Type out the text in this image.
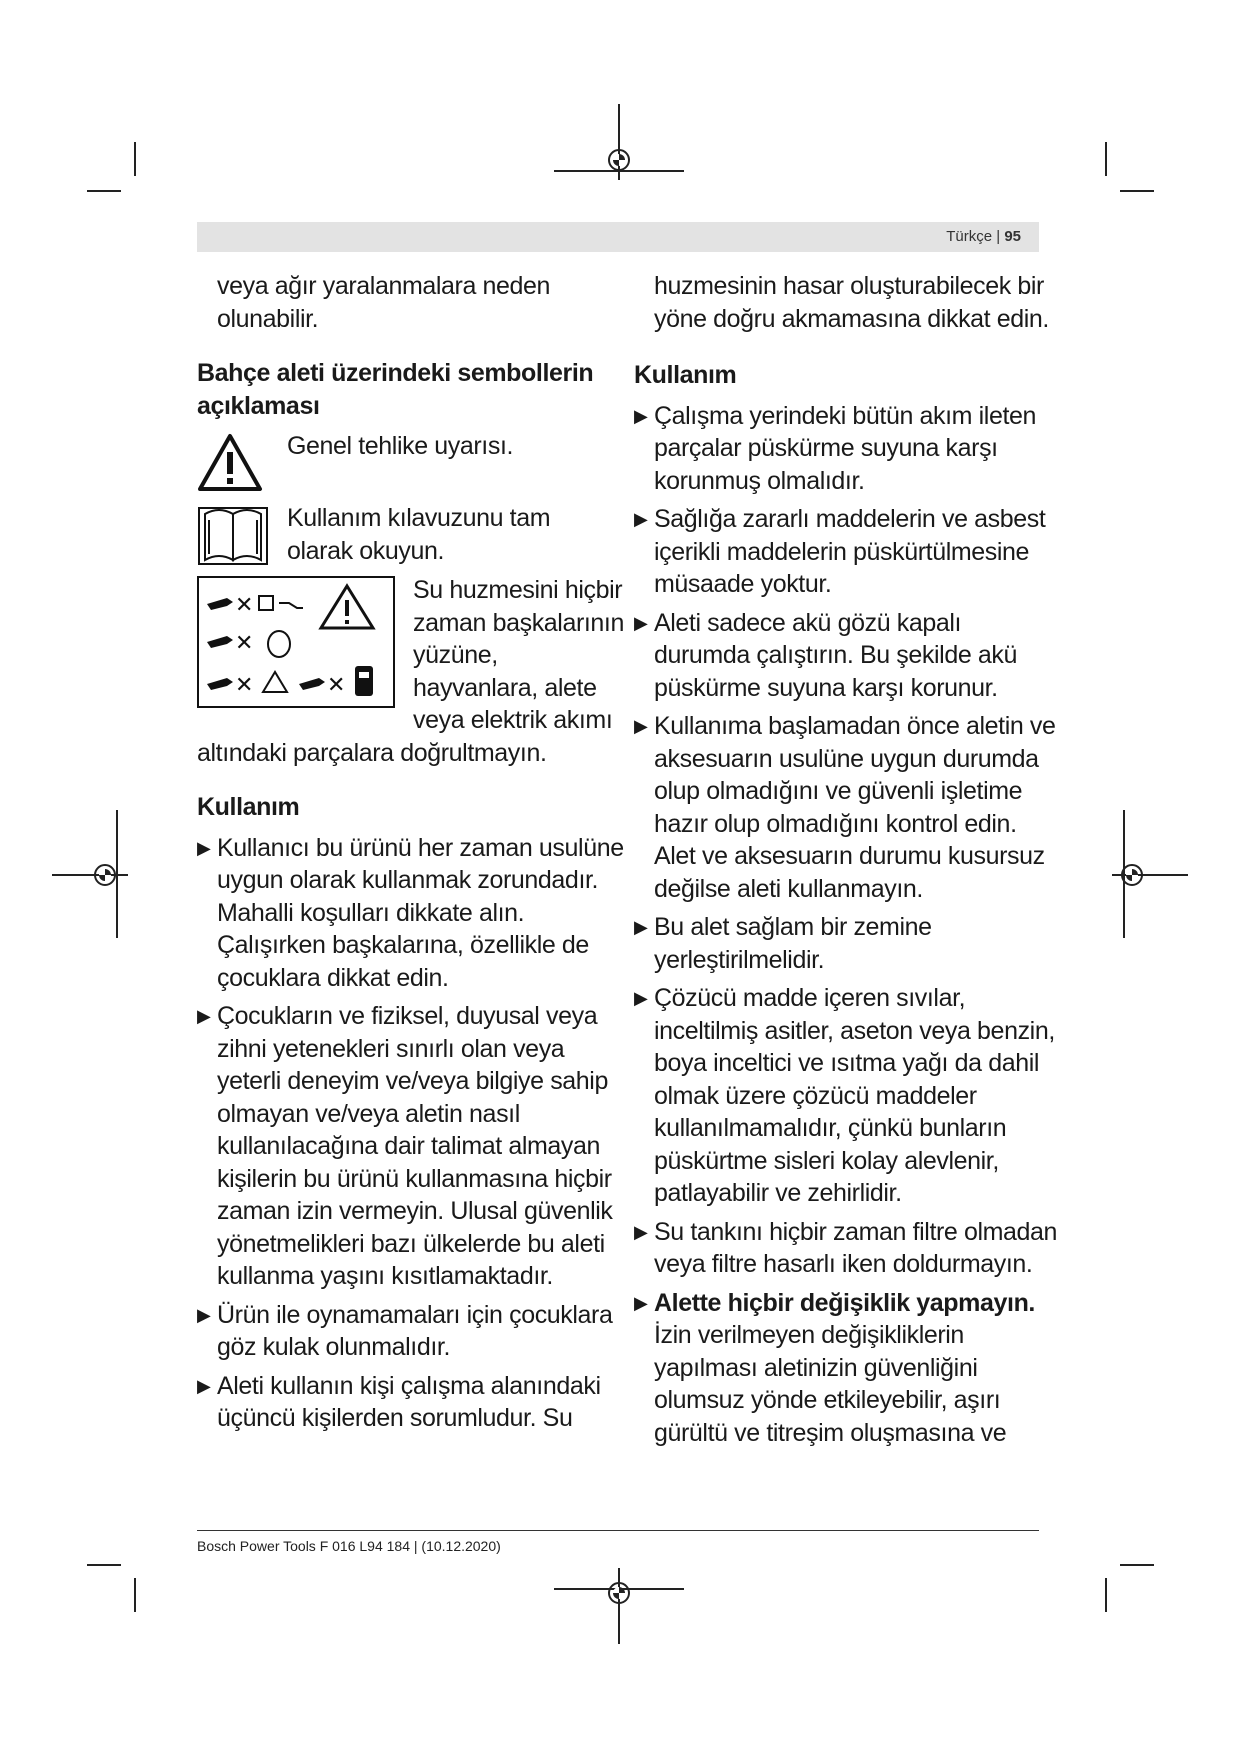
Türkçe | 95

veya ağır yaralanmalara neden olunabilir.

Bahçe aleti üzerindeki sembollerin açıklaması
Genel tehlike uyarısı.
Kullanım kılavuzunu tam olarak okuyun.
✕
✕
✕	✕
Su huzmesini hiçbir zaman başkalarının yüzüne, hayvanlara, alete veya elektrik akımı altındaki parçalara doğrultmayın.
Kullanım
▶ Kullanıcı bu ürünü her zaman usulüne uygun olarak kullanmak zorundadır. Mahalli koşulları dikkate alın. Çalışırken başkalarına, özellikle de çocuklara dikkat edin.
▶ Çocukların ve fiziksel, duyusal veya zihni yetenekleri sınırlı olan veya yeterli deneyim ve/veya bilgiye sahip olmayan ve/veya aletin nasıl kullanılacağına dair talimat almayan kişilerin bu ürünü kullanmasına hiçbir zaman izin vermeyin. Ulusal güvenlik yönetmelikleri bazı ülkelerde bu aleti kullanma yaşını kısıtlamaktadır.
▶ Ürün ile oynamamaları için çocuklara göz kulak olunmalıdır.
▶ Aleti kullanın kişi çalışma alanındaki üçüncü kişilerden sorumludur. Su

huzmesinin hasar oluşturabilecek bir yöne doğru akmamasına dikkat edin.

Kullanım
▶ Çalışma yerindeki bütün akım ileten parçalar püskürme suyuna karşı korunmuş olmalıdır.
▶ Sağlığa zararlı maddelerin ve asbest içerikli maddelerin püskürtülmesine müsaade yoktur.
▶ Aleti sadece akü gözü kapalı durumda çalıştırın. Bu şekilde akü püskürme suyuna karşı korunur.
▶ Kullanıma başlamadan önce aletin ve aksesuarın usulüne uygun durumda olup olmadığını ve güvenli işletime hazır olup olmadığını kontrol edin. Alet ve aksesuarın durumu kusursuz değilse aleti kullanmayın.
▶ Bu alet sağlam bir zemine yerleştirilmelidir.
▶ Çözücü madde içeren sıvılar, inceltilmiş asitler, aseton veya benzin, boya inceltici ve ısıtma yağı da dahil olmak üzere çözücü maddeler kullanılmamalıdır, çünkü bunların püskürtme sisleri kolay alevlenir, patlayabilir ve zehirlidir.
▶ Su tankını hiçbir zaman filtre olmadan veya filtre hasarlı iken doldurmayın.
▶ Alette hiçbir değişiklik yapmayın.
İzin verilmeyen değişikliklerin yapılması aletinizin güvenliğini olumsuz yönde etkileyebilir, aşırı gürültü ve titreşim oluşmasına ve
Bosch Power Tools F 016 L94 184 | (10.12.2020)
